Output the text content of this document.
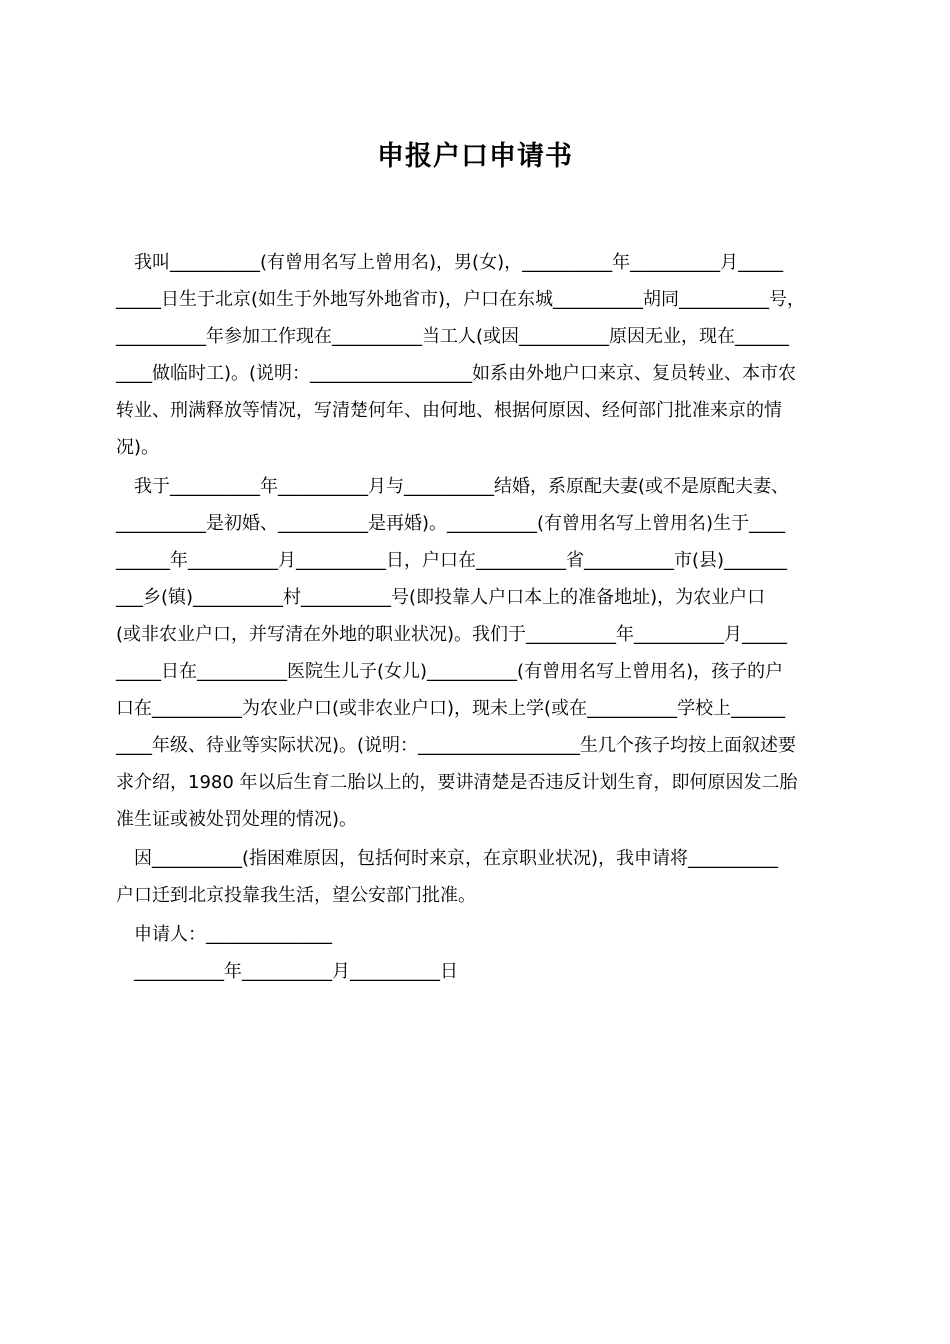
申报户口申请书
　我叫__________(有曾用名写上曾用名)，男(女)，__________年__________月_____
_____日生于北京(如生于外地写外地省市)，户口在东城__________胡同__________号，
__________年参加工作现在__________当工人(或因__________原因无业，现在______
____做临时工)。(说明：__________________如系由外地户口来京、复员转业、本市农
转业、刑满释放等情况，写清楚何年、由何地、根据何原因、经何部门批准来京的情
况)。
　我于__________年__________月与__________结婚，系原配夫妻(或不是原配夫妻、
__________是初婚、__________是再婚)。__________(有曾用名写上曾用名)生于____
______年__________月__________日，户口在__________省__________市(县)_______
___乡(镇)__________村__________号(即投靠人户口本上的准备地址)，为农业户口
(或非农业户口，并写清在外地的职业状况)。我们于__________年__________月_____
_____日在__________医院生儿子(女儿)__________(有曾用名写上曾用名)，孩子的户
口在__________为农业户口(或非农业户口)，现未上学(或在__________学校上______
____年级、待业等实际状况)。(说明：__________________生几个孩子均按上面叙述要
求介绍，1980 年以后生育二胎以上的，要讲清楚是否违反计划生育，即何原因发二胎
准生证或被处罚处理的情况)。
　因__________(指困难原因，包括何时来京，在京职业状况)，我申请将__________
户口迁到北京投靠我生活，望公安部门批准。
　申请人：______________
　__________年__________月__________日
